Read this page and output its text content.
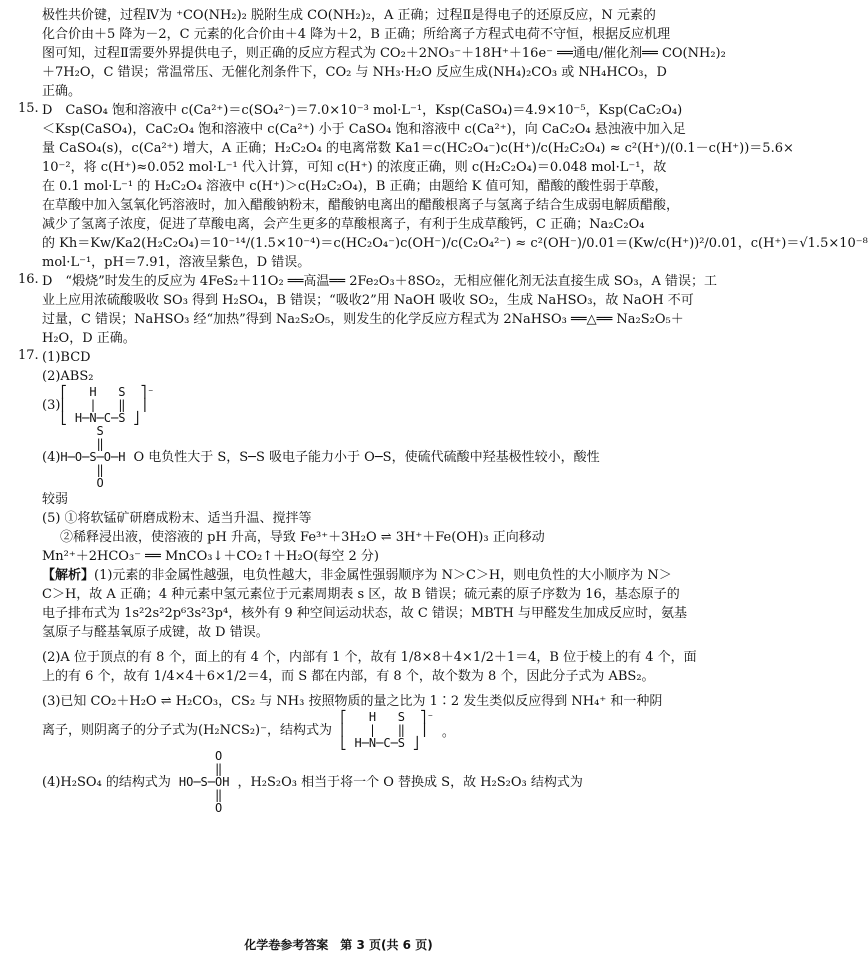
极性共价键，过程Ⅳ为 ⁺CO(NH₂)₂ 脱附生成 CO(NH₂)₂，A 正确；过程Ⅱ是得电子的还原反应，N 元素的
化合价由＋5 降为－2，C 元素的化合价由＋4 降为＋2，B 正确；所给离子方程式电荷不守恒，根据反应机理
图可知，过程Ⅱ需要外界提供电子，则正确的反应方程式为 CO₂＋2NO₃⁻＋18H⁺＋16e⁻ ══通电/催化剂══ CO(NH₂)₂
＋7H₂O，C 错误；常温常压、无催化剂条件下，CO₂ 与 NH₃·H₂O 反应生成(NH₄)₂CO₃ 或 NH₄HCO₃，D
正确。
15. D　CaSO₄ 饱和溶液中 c(Ca²⁺)＝c(SO₄²⁻)＝7.0×10⁻³ mol·L⁻¹，Ksp(CaSO₄)＝4.9×10⁻⁵，Ksp(CaC₂O₄)
＜Ksp(CaSO₄)，CaC₂O₄ 饱和溶液中 c(Ca²⁺) 小于 CaSO₄ 饱和溶液中 c(Ca²⁺)，向 CaC₂O₄ 悬浊液中加入足
量 CaSO₄(s)，c(Ca²⁺) 增大，A 正确；H₂C₂O₄ 的电离常数 Ka1＝c(HC₂O₄⁻)c(H⁺)/c(H₂C₂O₄) ≈ c²(H⁺)/(0.1－c(H⁺))＝5.6×
10⁻²，将 c(H⁺)≈0.052 mol·L⁻¹ 代入计算，可知 c(H⁺) 的浓度正确，则 c(H₂C₂O₄)＝0.048 mol·L⁻¹，故
在 0.1 mol·L⁻¹ 的 H₂C₂O₄ 溶液中 c(H⁺)＞c(H₂C₂O₄)，B 正确；由题给 K 值可知，醋酸的酸性弱于草酸，
在草酸中加入氢氧化钙溶液时，加入醋酸钠粉末，醋酸钠电离出的醋酸根离子与氢离子结合生成弱电解质醋酸，
减少了氢离子浓度，促进了草酸电离，会产生更多的草酸根离子，有利于生成草酸钙，C 正确；Na₂C₂O₄
的 Kh＝Kw/Ka2(H₂C₂O₄)＝10⁻¹⁴/(1.5×10⁻⁴)＝c(HC₂O₄⁻)c(OH⁻)/c(C₂O₄²⁻) ≈ c²(OH⁻)/0.01＝(Kw/c(H⁺))²/0.01，c(H⁺)＝√1.5×10⁻⁸
mol·L⁻¹，pH＝7.91，溶液呈紫色，D 错误。
16. D　“煅烧”时发生的反应为 4FeS₂＋11O₂ ══高温══ 2Fe₂O₃＋8SO₂，无相应催化剂无法直接生成 SO₃，A 错误；工
业上应用浓硫酸吸收 SO₃ 得到 H₂SO₄，B 错误；“吸收2”用 NaOH 吸收 SO₂，生成 NaHSO₃，故 NaOH 不可
过量，C 错误；NaHSO₃ 经“加热”得到 Na₂S₂O₅，则发生的化学反应方程式为 2NaHSO₃ ══△══ Na₂S₂O₅＋
H₂O，D 正确。
17. (1)BCD
(2)ABS₂
(3)
⎡   H   S  ⎤⁻
⎢   |   ‖  ⎥
⎣ H─N─C─S ⎦
(4)
S
‖
H─O─S─O─H
‖
O
O 电负性大于 S，S─S 吸电子能力小于 O─S，使硫代硫酸中羟基极性较小，酸性
较弱
(5) ①将软锰矿研磨成粉末、适当升温、搅拌等
②稀释浸出液，使溶液的 pH 升高，导致 Fe³⁺＋3H₂O ⇌ 3H⁺＋Fe(OH)₃ 正向移动
Mn²⁺＋2HCO₃⁻ ══ MnCO₃↓＋CO₂↑＋H₂O(每空 2 分)
【解析】(1)元素的非金属性越强，电负性越大，非金属性强弱顺序为 N＞C＞H，则电负性的大小顺序为 N＞
C＞H，故 A 正确；4 种元素中氢元素位于元素周期表 s 区，故 B 错误；硫元素的原子序数为 16，基态原子的
电子排布式为 1s²2s²2p⁶3s²3p⁴，核外有 9 种空间运动状态，故 C 错误；MBTH 与甲醛发生加成反应时，氨基
氢原子与醛基氧原子成键，故 D 错误。
(2)A 位于顶点的有 8 个，面上的有 4 个，内部有 1 个，故有 1/8×8＋4×1/2＋1＝4，B 位于棱上的有 4 个，面
上的有 6 个，故有 1/4×4＋6×1/2＝4，而 S 都在内部，有 8 个，故个数为 8 个，因此分子式为 ABS₂。
(3)已知 CO₂＋H₂O ⇌ H₂CO₃，CS₂ 与 NH₃ 按照物质的量之比为 1∶2 发生类似反应得到 NH₄⁺ 和一种阴
离子，则阴离子的分子式为(H₂NCS₂)⁻，结构式为
⎡   H   S  ⎤⁻
⎢   |   ‖  ⎥
⎣ H─N─C─S ⎦
。
(4)H₂SO₄ 的结构式为
O
‖
HO─S─OH
‖
O
，H₂S₂O₃ 相当于将一个 O 替换成 S，故 H₂S₂O₃ 结构式为
化学卷参考答案　第 3 页(共 6 页)
